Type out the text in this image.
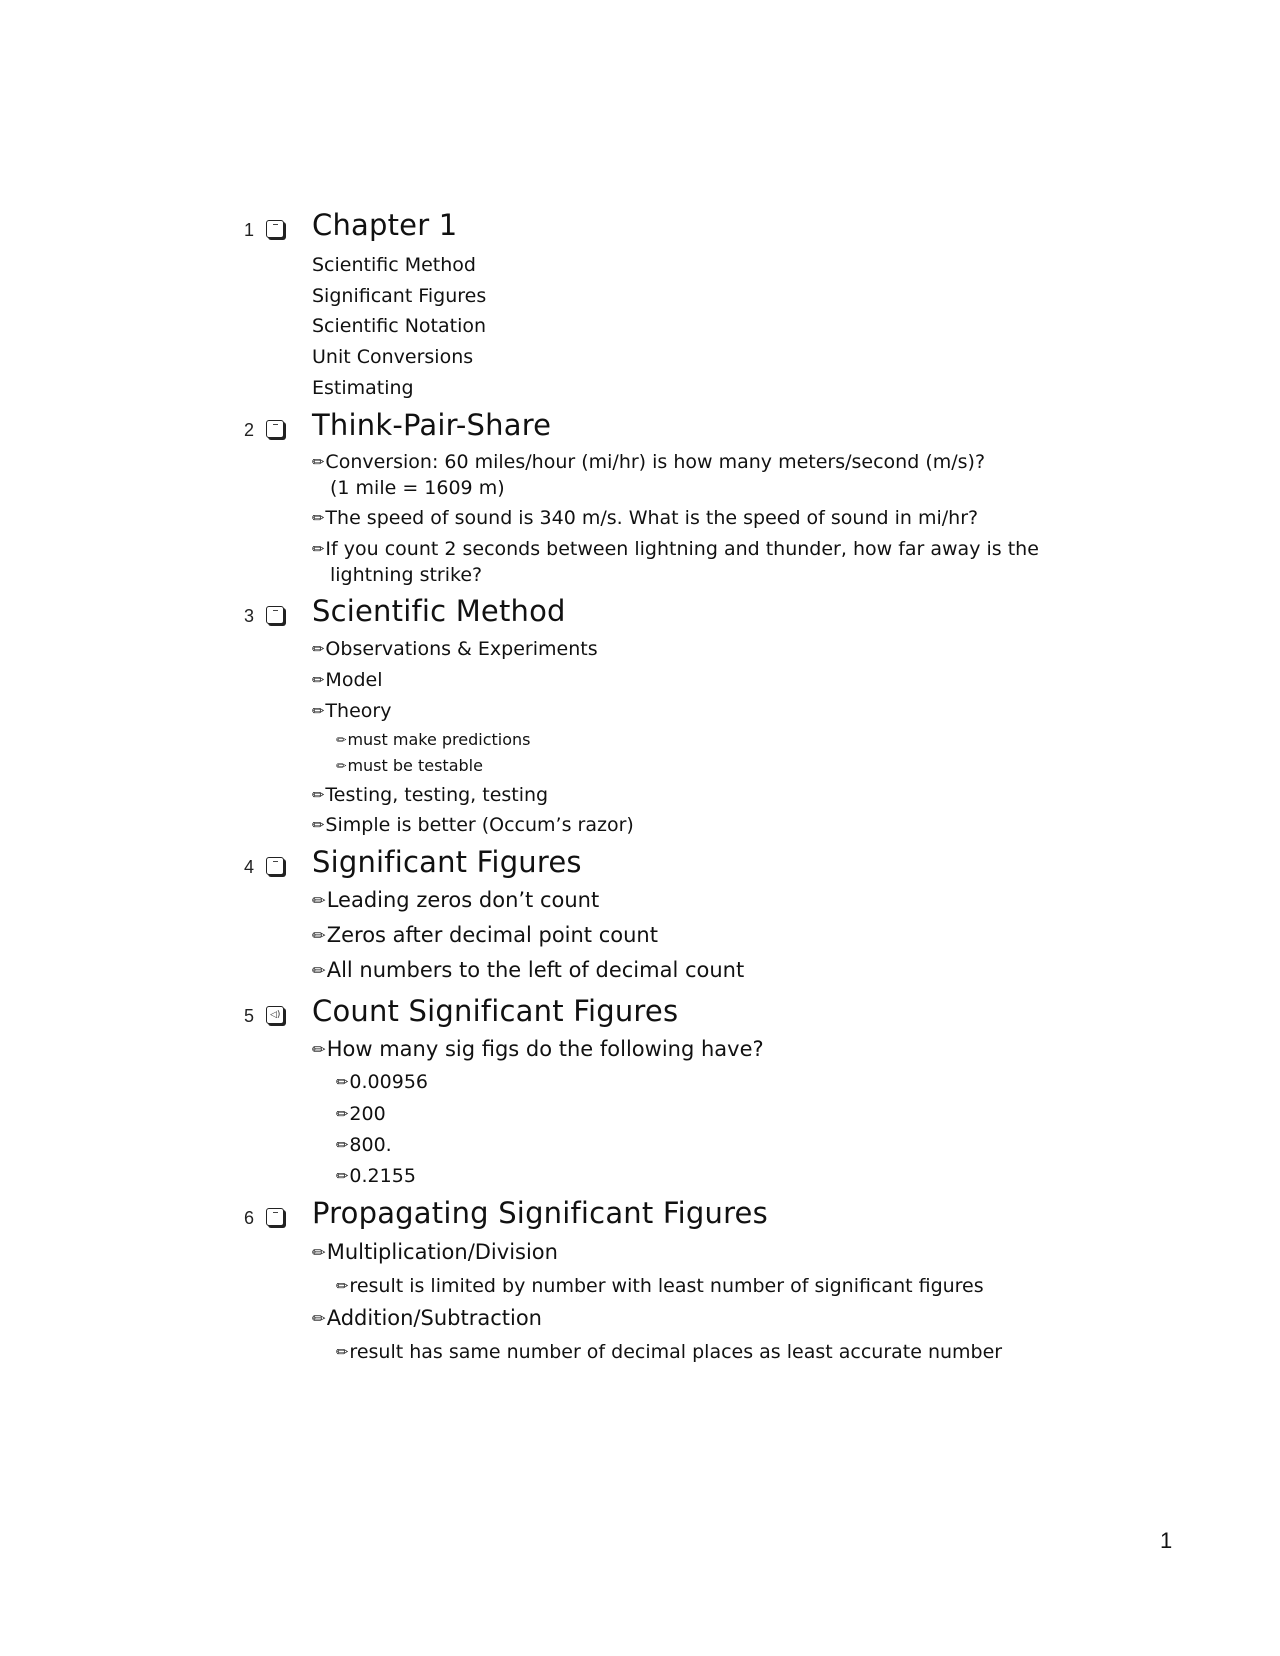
1 Chapter 1
Scientific Method
Significant Figures
Scientific Notation
Unit Conversions
Estimating
2 Think-Pair-Share
✏Conversion: 60 miles/hour (mi/hr) is how many meters/second (m/s)?
(1 mile = 1609 m)
✏The speed of sound is 340 m/s. What is the speed of sound in mi/hr?
✏If you count 2 seconds between lightning and thunder, how far away is the
lightning strike?
3 Scientific Method
✏Observations & Experiments
✏Model
✏Theory
✏must make predictions
✏must be testable
✏Testing, testing, testing
✏Simple is better (Occum’s razor)
4 Significant Figures
✏Leading zeros don’t count
✏Zeros after decimal point count
✏All numbers to the left of decimal count
5 ◁) Count Significant Figures
✏How many sig figs do the following have?
✏0.00956
✏200
✏800.
✏0.2155
6 Propagating Significant Figures
✏Multiplication/Division
✏result is limited by number with least number of significant figures
✏Addition/Subtraction
✏result has same number of decimal places as least accurate number
1
